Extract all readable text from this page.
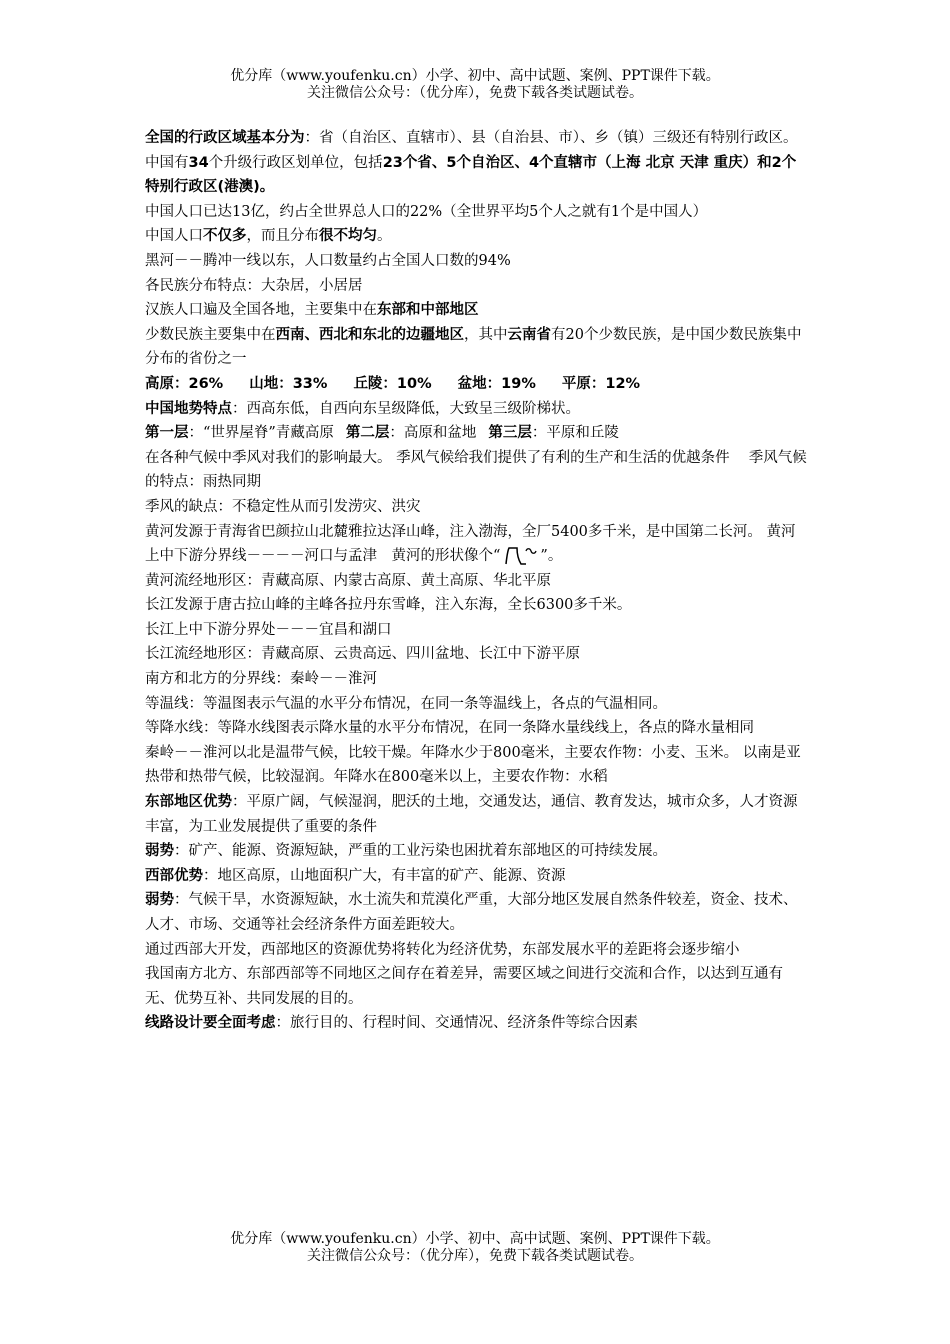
优分库（www.youfenku.cn）小学、初中、高中试题、案例、PPT课件下载。
关注微信公众号：（优分库），免费下载各类试题试卷。

全国的行政区域基本分为：省（自治区、直辖市）、县（自治县、市）、乡（镇）三级还有特别行政区。 中国有34个升级行政区划单位，包括23个省、5个自治区、4个直辖市（上海 北京 天津 重庆）和2个特别行政区(港澳)。

中国人口已达13亿，约占全世界总人口的22%（全世界平均5个人之就有1个是中国人）

中国人口不仅多，而且分布很不均匀。

黑河－－腾冲一线以东，人口数量约占全国人口数的94%

各民族分布特点：大杂居，小居居

汉族人口遍及全国各地，主要集中在东部和中部地区

少数民族主要集中在西南、西北和东北的边疆地区，其中云南省有20个少数民族，是中国少数民族集中分布的省份之一

高原：26% 山地：33% 丘陵：10% 盆地：19% 平原：12%

中国地势特点：西高东低，自西向东呈级降低，大致呈三级阶梯状。

第一层：“世界屋脊”青藏高原 第二层：高原和盆地 第三层：平原和丘陵

在各种气候中季风对我们的影响最大。 季风气候给我们提供了有利的生产和生活的优越条件　 季风气候的特点：雨热同期

季风的缺点：不稳定性从而引发涝灾、洪灾

黄河发源于青海省巴颜拉山北麓雅拉达泽山峰，注入渤海，全厂5400多千米，是中国第二长河。 黄河上中下游分界线－－－－河口与孟津　黄河的形状像个“	”。

黄河流经地形区：青藏高原、内蒙古高原、黄土高原、华北平原

长江发源于唐古拉山峰的主峰各拉丹东雪峰，注入东海，全长6300多千米。

长江上中下游分界处－－－宜昌和湖口

长江流经地形区：青藏高原、云贵高远、四川盆地、长江中下游平原

南方和北方的分界线：秦岭－－淮河

等温线：等温图表示气温的水平分布情况，在同一条等温线上，各点的气温相同。

等降水线：等降水线图表示降水量的水平分布情况，在同一条降水量线线上，各点的降水量相同

秦岭－－淮河以北是温带气候，比较干燥。年降水少于800毫米，主要农作物：小麦、玉米。 以南是亚热带和热带气候，比较湿润。年降水在800毫米以上，主要农作物：水稻

东部地区优势：平原广阔，气候湿润，肥沃的土地，交通发达，通信、教育发达，城市众多，人才资源丰富，为工业发展提供了重要的条件

弱势：矿产、能源、资源短缺，严重的工业污染也困扰着东部地区的可持续发展。

西部优势：地区高原，山地面积广大，有丰富的矿产、能源、资源

弱势：气候干旱，水资源短缺，水土流失和荒漠化严重，大部分地区发展自然条件较差，资金、技术、人才、市场、交通等社会经济条件方面差距较大。

通过西部大开发，西部地区的资源优势将转化为经济优势，东部发展水平的差距将会逐步缩小

我国南方北方、东部西部等不同地区之间存在着差异，需要区域之间进行交流和合作，以达到互通有无、优势互补、共同发展的目的。

线路设计要全面考虑：旅行目的、行程时间、交通情况、经济条件等综合因素

优分库（www.youfenku.cn）小学、初中、高中试题、案例、PPT课件下载。
关注微信公众号：（优分库），免费下载各类试题试卷。
